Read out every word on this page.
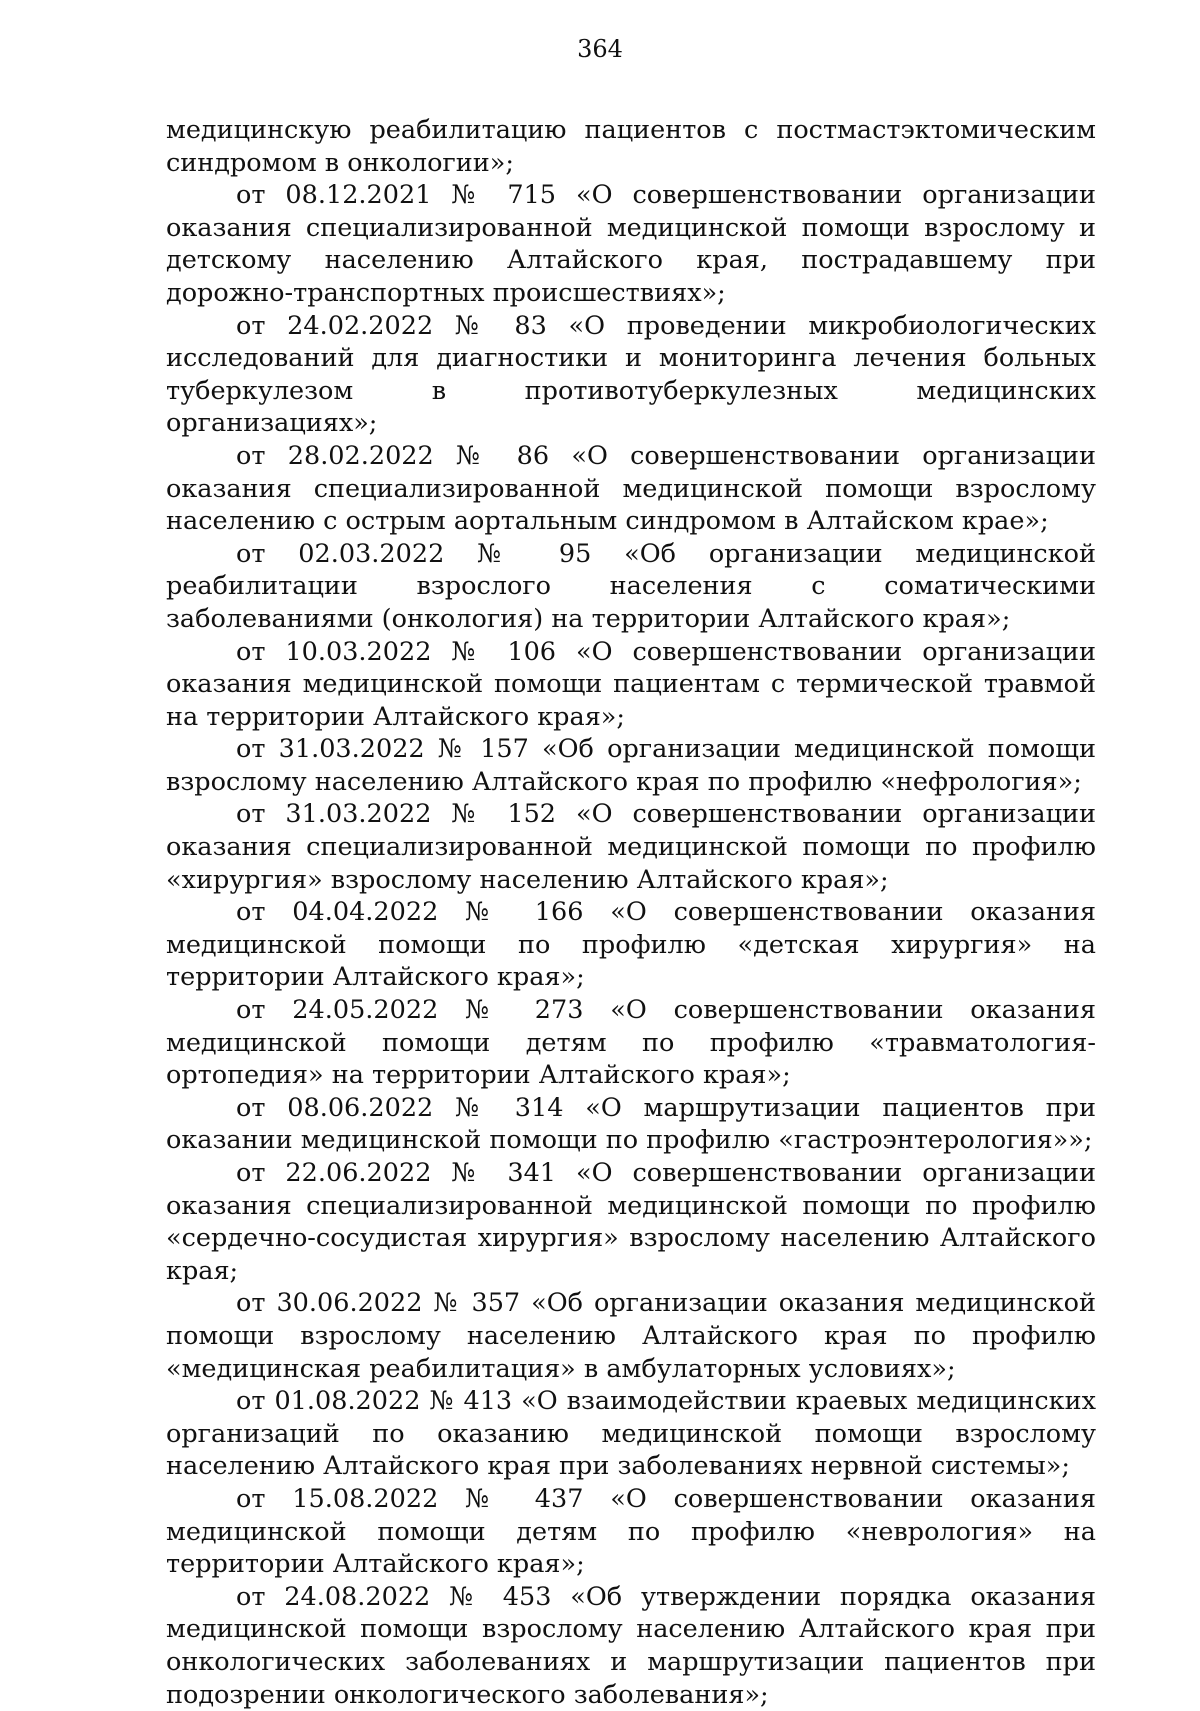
364

медицинскую реабилитацию пациентов с постмастэктомическим синдромом в онкологии»;

от 08.12.2021 № 715 «О совершенствовании организации оказания специализированной медицинской помощи взрослому и детскому населению Алтайского края, пострадавшему при дорожно-транспортных происшествиях»;

от 24.02.2022 № 83 «О проведении микробиологических исследований для диагностики и мониторинга лечения больных туберкулезом в противотуберкулезных медицинских организациях»;

от 28.02.2022 № 86 «О совершенствовании организации оказания специализированной медицинской помощи взрослому населению с острым аортальным синдромом в Алтайском крае»;

от 02.03.2022 № 95 «Об организации медицинской реабилитации взрослого населения с соматическими заболеваниями (онкология) на территории Алтайского края»;

от 10.03.2022 № 106 «О совершенствовании организации оказания медицинской помощи пациентам с термической травмой на территории Алтайского края»;

от 31.03.2022 № 157 «Об организации медицинской помощи взрослому населению Алтайского края по профилю «нефрология»;

от 31.03.2022 № 152 «О совершенствовании организации оказания специализированной медицинской помощи по профилю «хирургия» взрослому населению Алтайского края»;

от 04.04.2022 № 166 «О совершенствовании оказания медицинской помощи по профилю «детская хирургия» на территории Алтайского края»;

от 24.05.2022 № 273 «О совершенствовании оказания медицинской помощи детям по профилю «травматология-ортопедия» на территории Алтайского края»;

от 08.06.2022 № 314 «О маршрутизации пациентов при оказании медицинской помощи по профилю «гастроэнтерология»»;

от 22.06.2022 № 341 «О совершенствовании организации оказания специализированной медицинской помощи по профилю «сердечно-сосудистая хирургия» взрослому населению Алтайского края;

от 30.06.2022 № 357 «Об организации оказания медицинской помощи взрослому населению Алтайского края по профилю «медицинская реабилитация» в амбулаторных условиях»;

от 01.08.2022 № 413 «О взаимодействии краевых медицинских организаций по оказанию медицинской помощи взрослому населению Алтайского края при заболеваниях нервной системы»;

от 15.08.2022 № 437 «О совершенствовании оказания медицинской помощи детям по профилю «неврология» на территории Алтайского края»;

от 24.08.2022 № 453 «Об утверждении порядка оказания медицинской помощи взрослому населению Алтайского края при онкологических заболеваниях и маршрутизации пациентов при подозрении онкологического заболевания»;
